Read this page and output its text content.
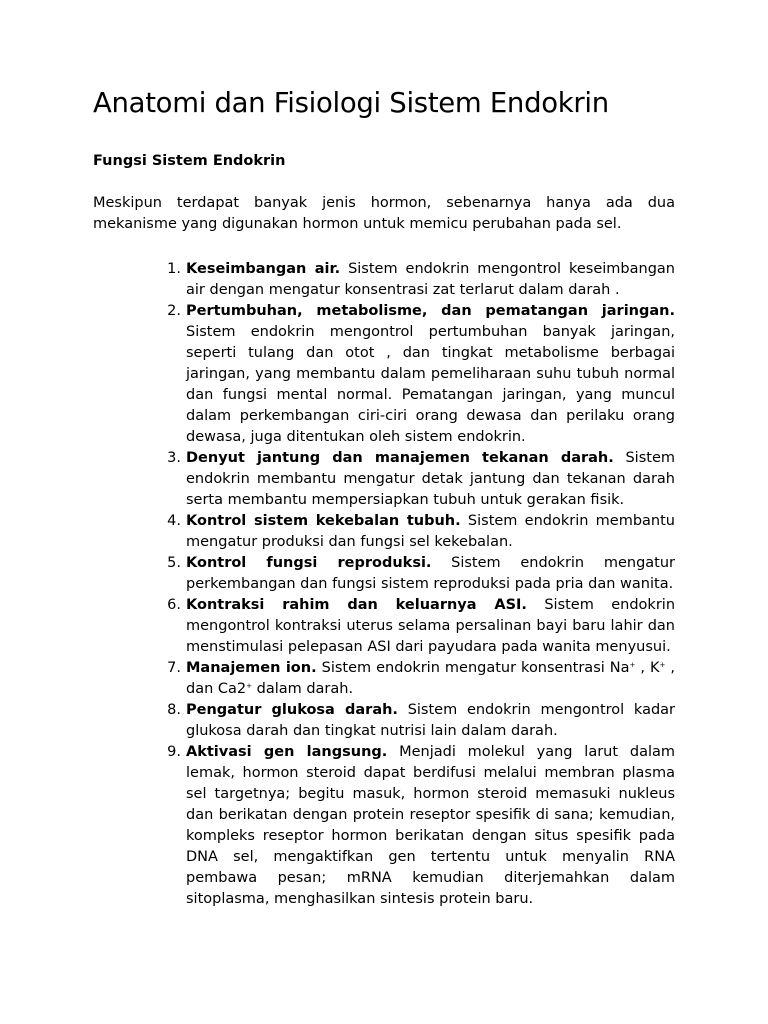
Anatomi dan Fisiologi Sistem Endokrin
Fungsi Sistem Endokrin

Meskipun terdapat banyak jenis hormon, sebenarnya hanya ada dua mekanisme yang digunakan hormon untuk memicu perubahan pada sel.

1. Keseimbangan air. Sistem endokrin mengontrol keseimbangan air dengan mengatur konsentrasi zat terlarut dalam darah .
2. Pertumbuhan, metabolisme, dan pematangan jaringan. Sistem endokrin mengontrol pertumbuhan banyak jaringan, seperti tulang dan otot , dan tingkat metabolisme berbagai jaringan, yang membantu dalam pemeliharaan suhu tubuh normal dan fungsi mental normal. Pematangan jaringan, yang muncul dalam perkembangan ciri-ciri orang dewasa dan perilaku orang dewasa, juga ditentukan oleh sistem endokrin.
3. Denyut jantung dan manajemen tekanan darah. Sistem endokrin membantu mengatur detak jantung dan tekanan darah serta membantu mempersiapkan tubuh untuk gerakan fisik.
4. Kontrol sistem kekebalan tubuh. Sistem endokrin membantu mengatur produksi dan fungsi sel kekebalan.
5. Kontrol fungsi reproduksi. Sistem endokrin mengatur perkembangan dan fungsi sistem reproduksi pada pria dan wanita.
6. Kontraksi rahim dan keluarnya ASI. Sistem endokrin mengontrol kontraksi uterus selama persalinan bayi baru lahir dan menstimulasi pelepasan ASI dari payudara pada wanita menyusui.
7. Manajemen ion. Sistem endokrin mengatur konsentrasi Na+ , K+ , dan Ca2+ dalam darah.
8. Pengatur glukosa darah. Sistem endokrin mengontrol kadar glukosa darah dan tingkat nutrisi lain dalam darah.
9. Aktivasi gen langsung. Menjadi molekul yang larut dalam lemak, hormon steroid dapat berdifusi melalui membran plasma sel targetnya; begitu masuk, hormon steroid memasuki nukleus dan berikatan dengan protein reseptor spesifik di sana; kemudian, kompleks reseptor hormon berikatan dengan situs spesifik pada DNA sel, mengaktifkan gen tertentu untuk menyalin RNA pembawa pesan; mRNA kemudian diterjemahkan dalam sitoplasma, menghasilkan sintesis protein baru.
